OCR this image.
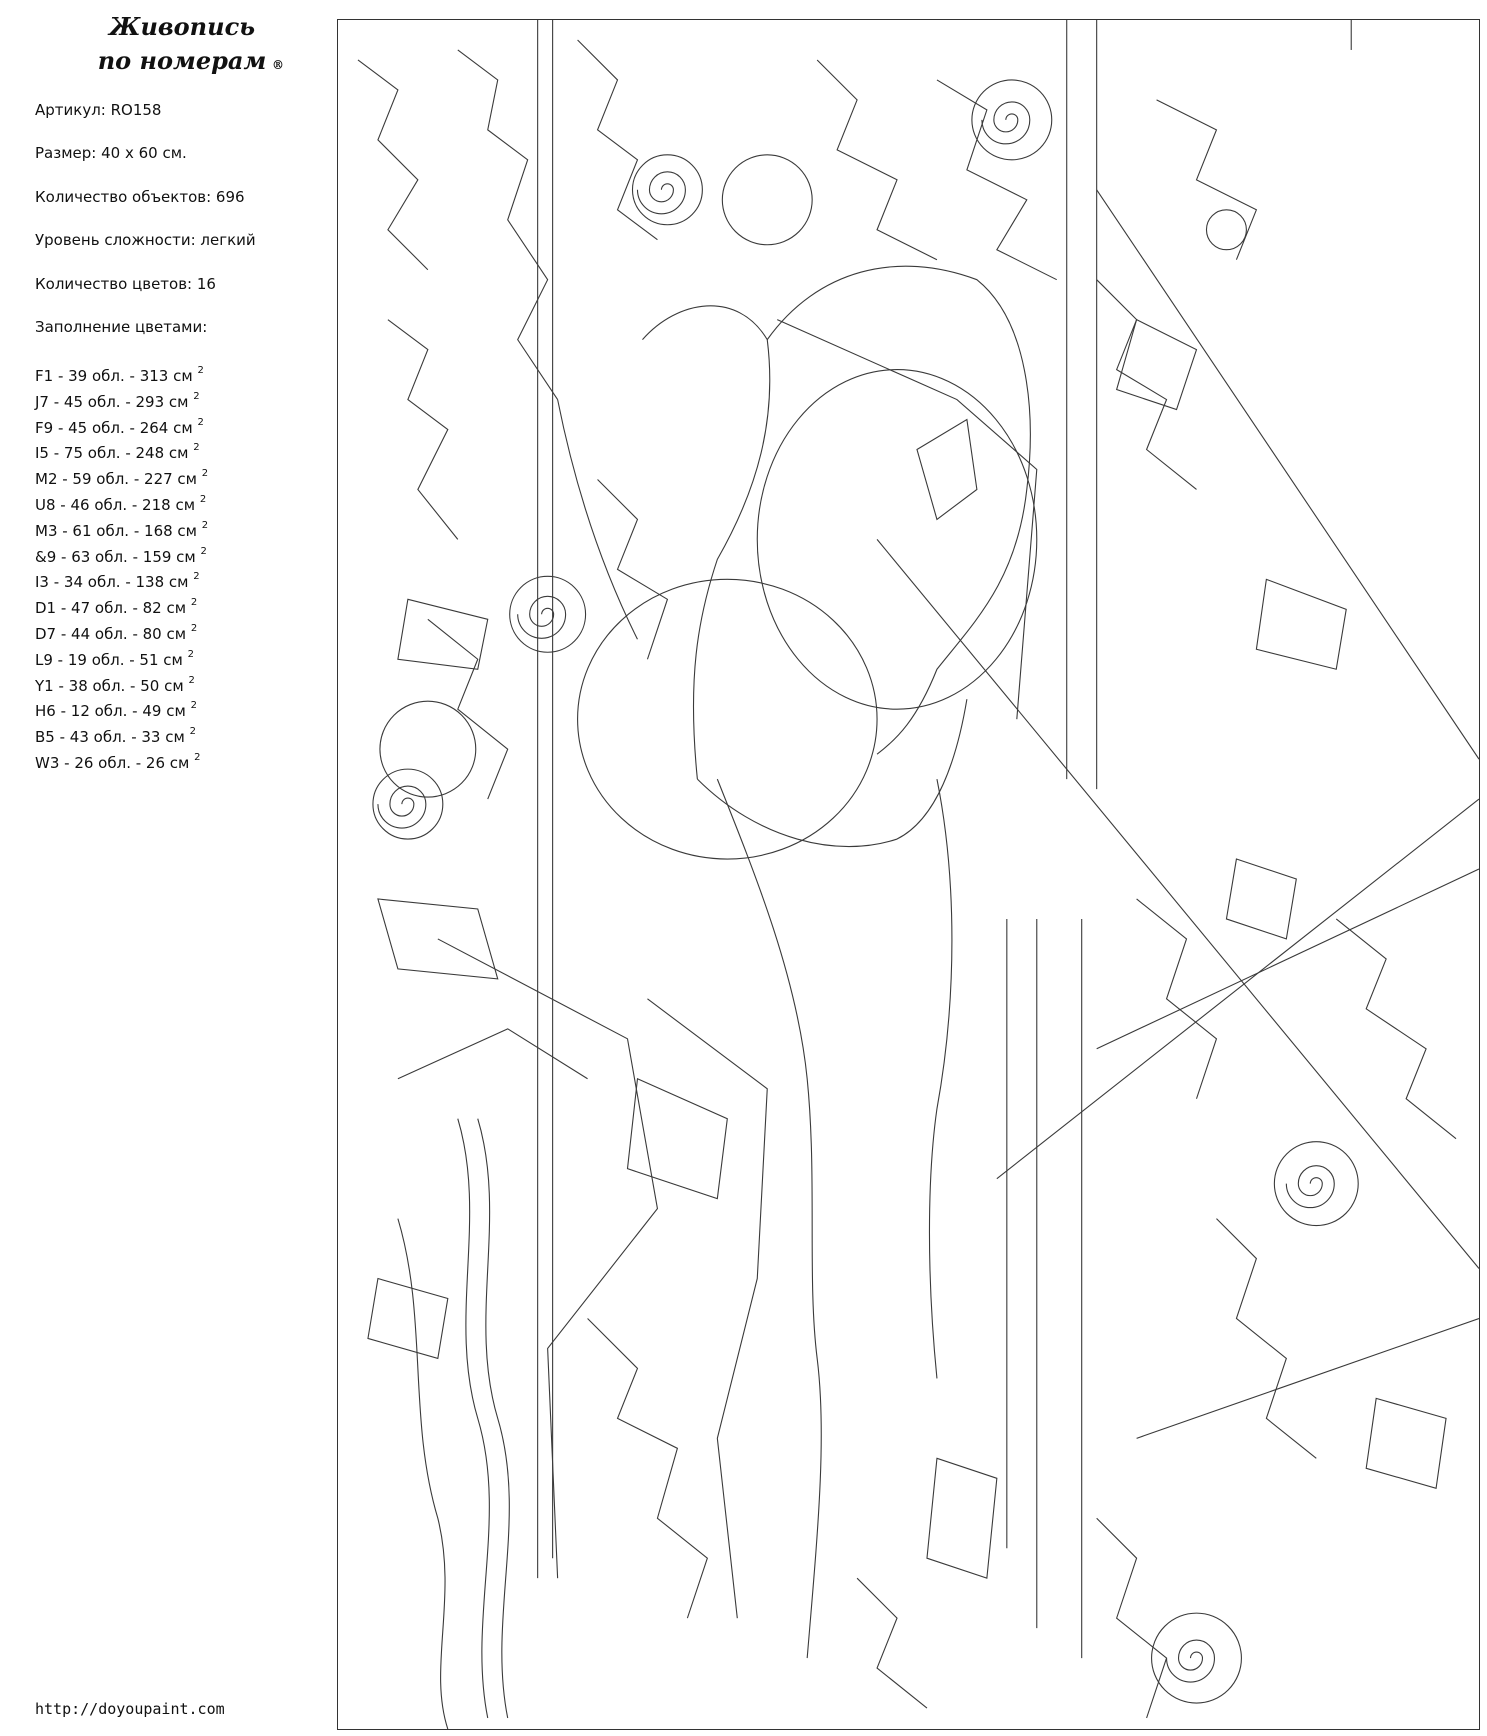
Живопись
по номерам ®
Артикул: RO158
Размер: 40 х 60 см.
Количество объектов: 696
Уровень сложности: легкий
Количество цветов: 16
Заполнение цветами:
F1 - 39 обл. - 313 см $^2$
J7 - 45 обл. - 293 см $^2$
F9 - 45 обл. - 264 см $^2$
I5 - 75 обл. - 248 см $^2$
M2 - 59 обл. - 227 см $^2$
U8 - 46 обл. - 218 см $^2$
M3 - 61 обл. - 168 см $^2$
&9 - 63 обл. - 159 см $^2$
I3 - 34 обл. - 138 см $^2$
D1 - 47 обл. - 82 см $^2$
D7 - 44 обл. - 80 см $^2$
L9 - 19 обл. - 51 см $^2$
Y1 - 38 обл. - 50 см $^2$
H6 - 12 обл. - 49 см $^2$
B5 - 43 обл. - 33 см $^2$
W3 - 26 обл. - 26 см $^2$
http://doyoupaint.com
